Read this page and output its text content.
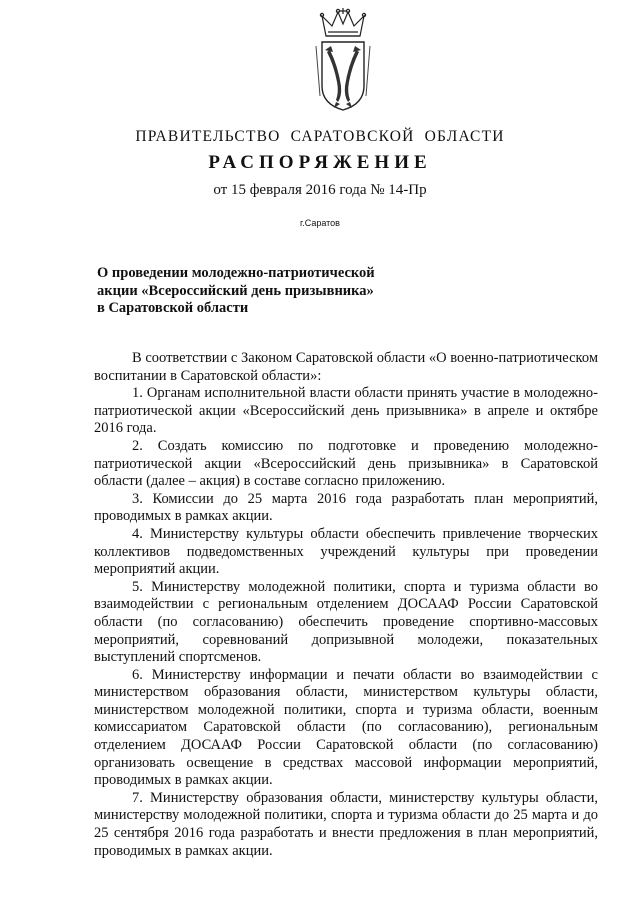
ПРАВИТЕЛЬСТВО САРАТОВСКОЙ ОБЛАСТИ
РАСПОРЯЖЕНИЕ
от 15 февраля 2016 года № 14-Пр
г.Саратов
О проведении молодежно-патриотической
акции «Всероссийский день призывника»
в Саратовской области

В соответствии с Законом Саратовской области «О военно-патриотическом воспитании в Саратовской области»:

1. Органам исполнительной власти области принять участие в молодежно-патриотической акции «Всероссийский день призывника» в апреле и октябре 2016 года.

2. Создать комиссию по подготовке и проведению молодежно-патриотической акции «Всероссийский день призывника» в Саратовской области (далее – акция) в составе согласно приложению.

3. Комиссии до 25 марта 2016 года разработать план мероприятий, проводимых в рамках акции.

4. Министерству культуры области обеспечить привлечение творческих коллективов подведомственных учреждений культуры при проведении мероприятий акции.

5. Министерству молодежной политики, спорта и туризма области во взаимодействии с региональным отделением ДОСААФ России Саратовской области (по согласованию) обеспечить проведение спортивно-массовых мероприятий, соревнований допризывной молодежи, показательных выступлений спортсменов.

6. Министерству информации и печати области во взаимодействии с министерством образования области, министерством культуры области, министерством молодежной политики, спорта и туризма области, военным комиссариатом Саратовской области (по согласованию), региональным отделением ДОСААФ России Саратовской области (по согласованию) организовать освещение в средствах массовой информации мероприятий, проводимых в рамках акции.

7. Министерству образования области, министерству культуры области, министерству молодежной политики, спорта и туризма области до 25 марта и до 25 сентября 2016 года разработать и внести предложения в план мероприятий, проводимых в рамках акции.
